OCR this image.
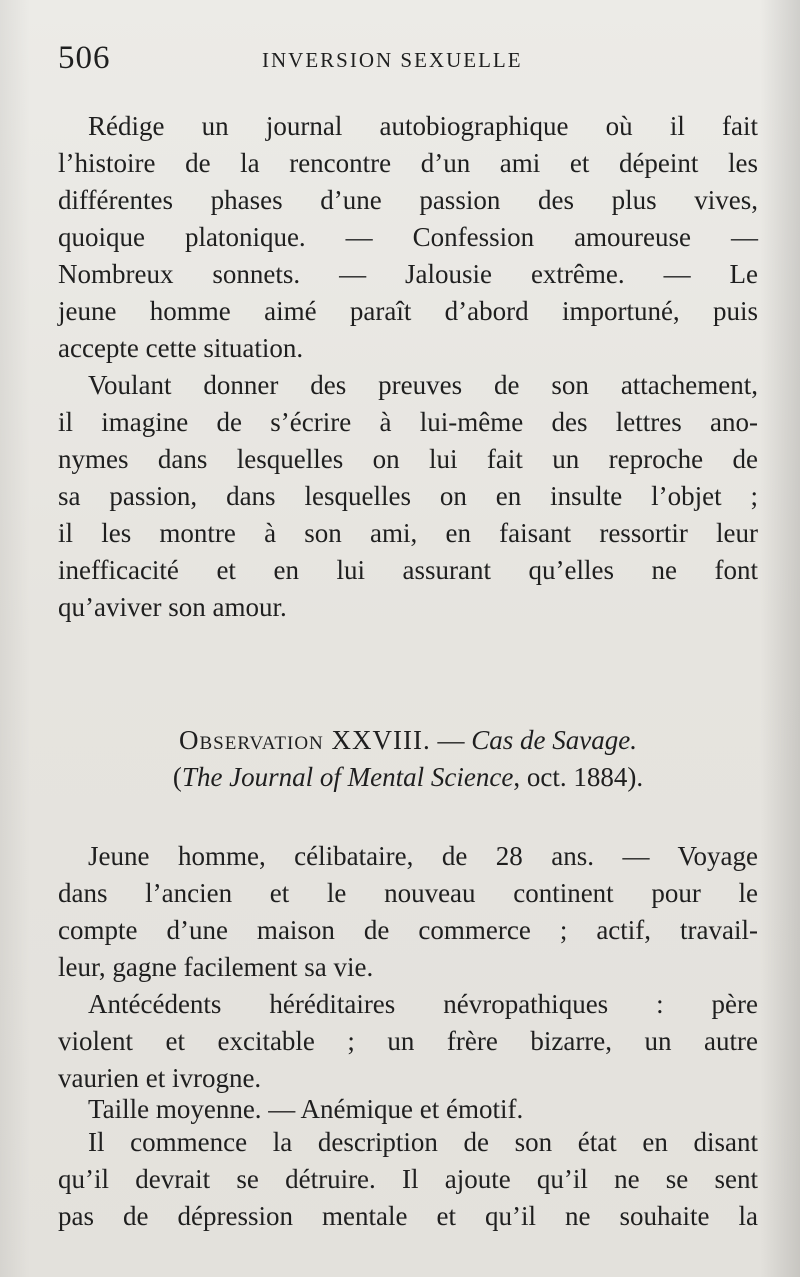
506	INVERSION SEXUELLE
Rédige un journal autobiographique où il fait
l’histoire de la rencontre d’un ami et dépeint les
différentes phases d’une passion des plus vives,
quoique platonique. — Confession amoureuse —
Nombreux sonnets. — Jalousie extrême. — Le
jeune homme aimé paraît d’abord importuné, puis
accepte cette situation.
Voulant donner des preuves de son attachement,
il imagine de s’écrire à lui-même des lettres ano-
nymes dans lesquelles on lui fait un reproche de
sa passion, dans lesquelles on en insulte l’objet ;
il les montre à son ami, en faisant ressortir leur
inefficacité et en lui assurant qu’elles ne font
qu’aviver son amour.
Observation XXVIII. — Cas de Savage.
(The Journal of Mental Science, oct. 1884).
Jeune homme, célibataire, de 28 ans. — Voyage
dans l’ancien et le nouveau continent pour le
compte d’une maison de commerce ; actif, travail-
leur, gagne facilement sa vie.
Antécédents héréditaires névropathiques : père
violent et excitable ; un frère bizarre, un autre
vaurien et ivrogne.
Taille moyenne. — Anémique et émotif.
Il commence la description de son état en disant
qu’il devrait se détruire. Il ajoute qu’il ne se sent
pas de dépression mentale et qu’il ne souhaite la
